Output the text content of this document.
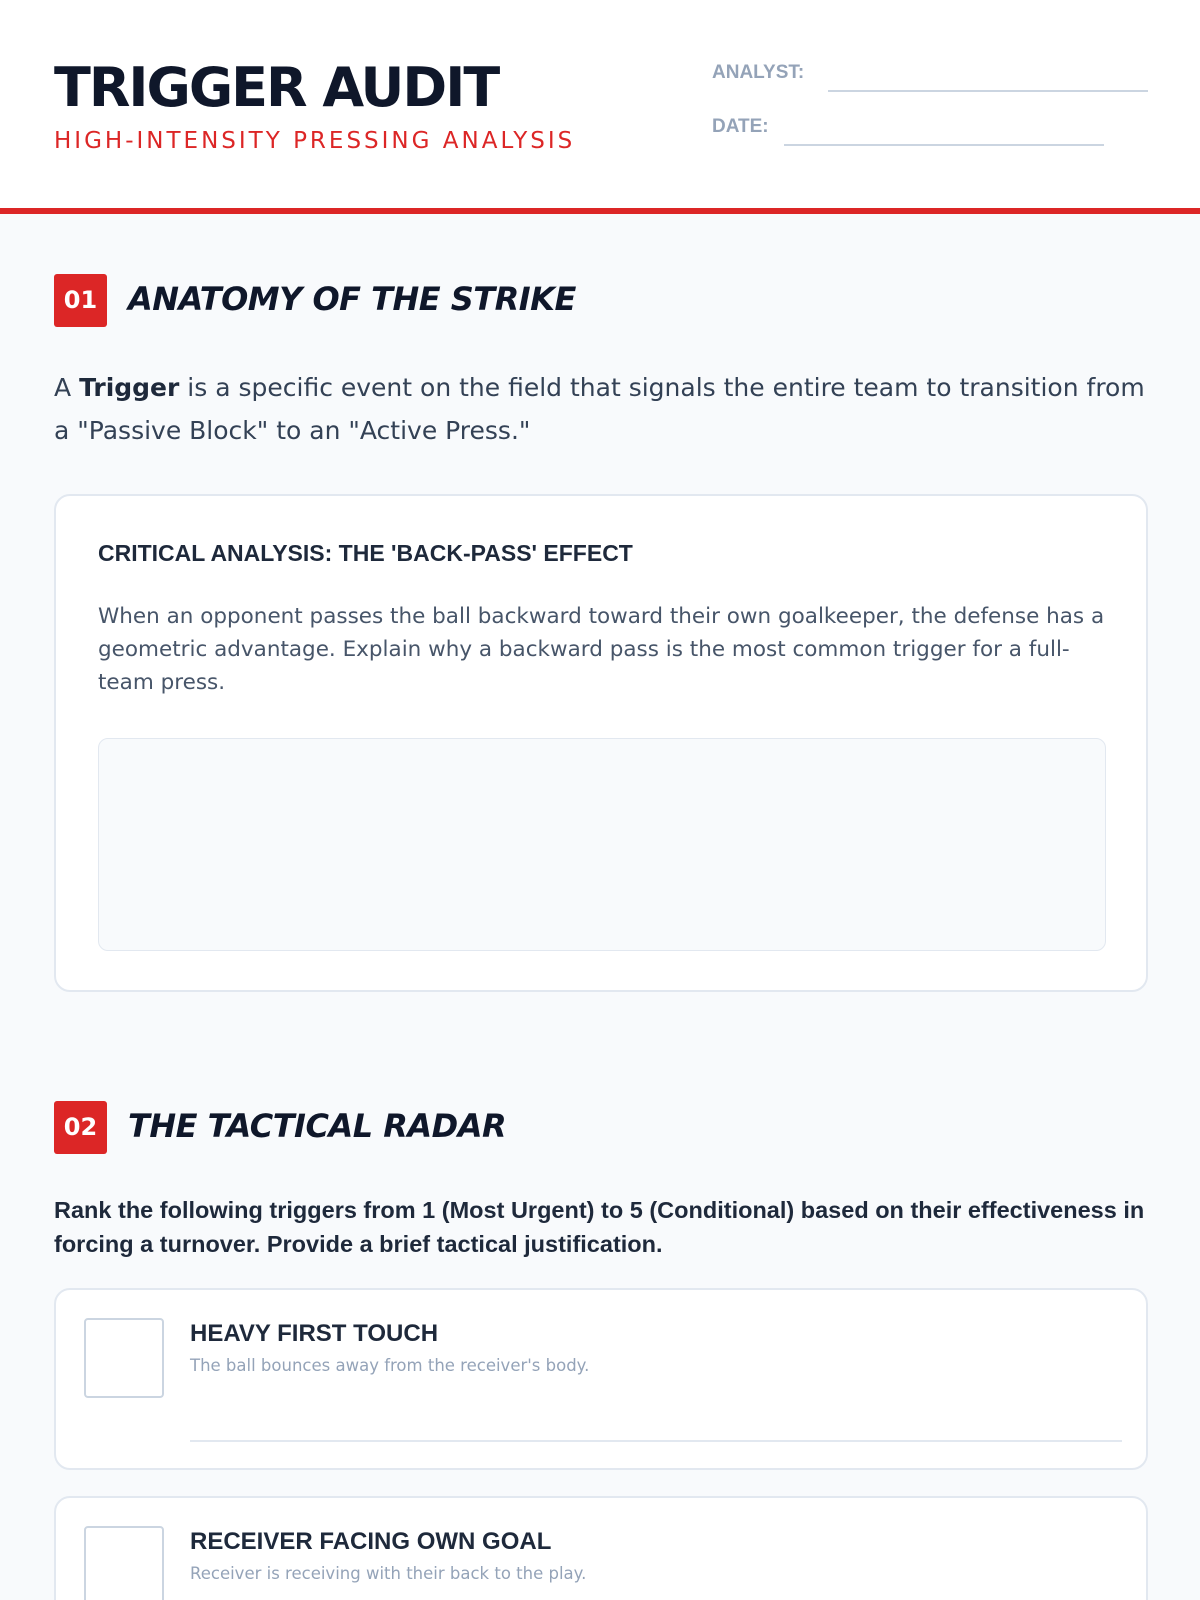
TRIGGER AUDIT
HIGH-INTENSITY PRESSING ANALYSIS
ANALYST:
DATE:
01 ANATOMY OF THE STRIKE
A Trigger is a specific event on the field that signals the entire team to transition from a "Passive Block" to an "Active Press."
CRITICAL ANALYSIS: THE 'BACK-PASS' EFFECT
When an opponent passes the ball backward toward their own goalkeeper, the defense has a geometric advantage. Explain why a backward pass is the most common trigger for a full-team press.
02 THE TACTICAL RADAR
Rank the following triggers from 1 (Most Urgent) to 5 (Conditional) based on their effectiveness in forcing a turnover. Provide a brief tactical justification.
HEAVY FIRST TOUCH
The ball bounces away from the receiver's body.
RECEIVER FACING OWN GOAL
Receiver is receiving with their back to the play.
